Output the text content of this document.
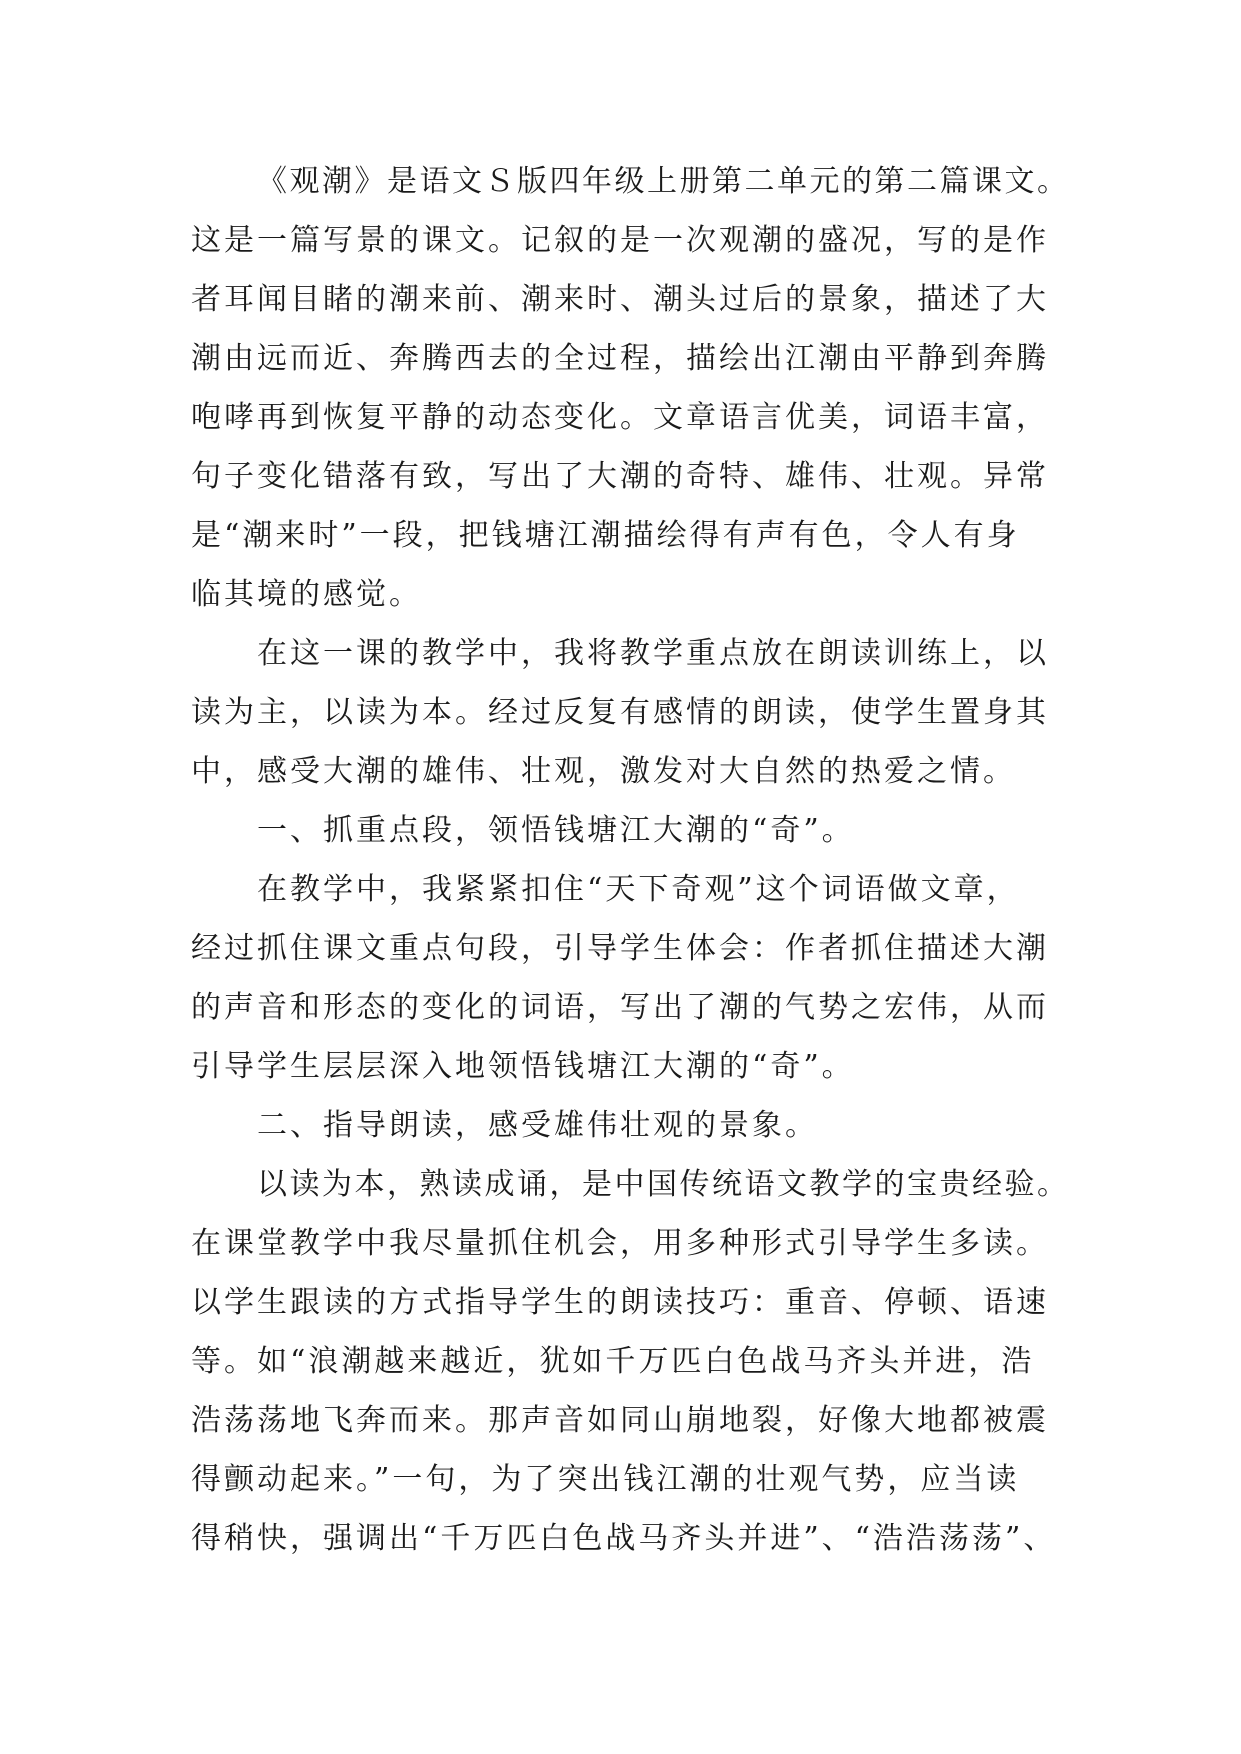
《观潮》是语文Ｓ版四年级上册第二单元的第二篇课文。
这是一篇写景的课文。记叙的是一次观潮的盛况，写的是作
者耳闻目睹的潮来前、潮来时、潮头过后的景象，描述了大
潮由远而近、奔腾西去的全过程，描绘出江潮由平静到奔腾
咆哮再到恢复平静的动态变化。文章语言优美，词语丰富，
句子变化错落有致，写出了大潮的奇特、雄伟、壮观。异常
是“潮来时”一段，把钱塘江潮描绘得有声有色，令人有身
临其境的感觉。
在这一课的教学中，我将教学重点放在朗读训练上，以
读为主，以读为本。经过反复有感情的朗读，使学生置身其
中，感受大潮的雄伟、壮观，激发对大自然的热爱之情。
一、抓重点段，领悟钱塘江大潮的“奇”。
在教学中，我紧紧扣住“天下奇观”这个词语做文章，
经过抓住课文重点句段，引导学生体会：作者抓住描述大潮
的声音和形态的变化的词语，写出了潮的气势之宏伟，从而
引导学生层层深入地领悟钱塘江大潮的“奇”。
二、指导朗读，感受雄伟壮观的景象。
以读为本，熟读成诵，是中国传统语文教学的宝贵经验。
在课堂教学中我尽量抓住机会，用多种形式引导学生多读。
以学生跟读的方式指导学生的朗读技巧：重音、停顿、语速
等。如“浪潮越来越近，犹如千万匹白色战马齐头并进，浩
浩荡荡地飞奔而来。那声音如同山崩地裂，好像大地都被震
得颤动起来。”一句，为了突出钱江潮的壮观气势，应当读
得稍快，强调出“千万匹白色战马齐头并进”、“浩浩荡荡”、
